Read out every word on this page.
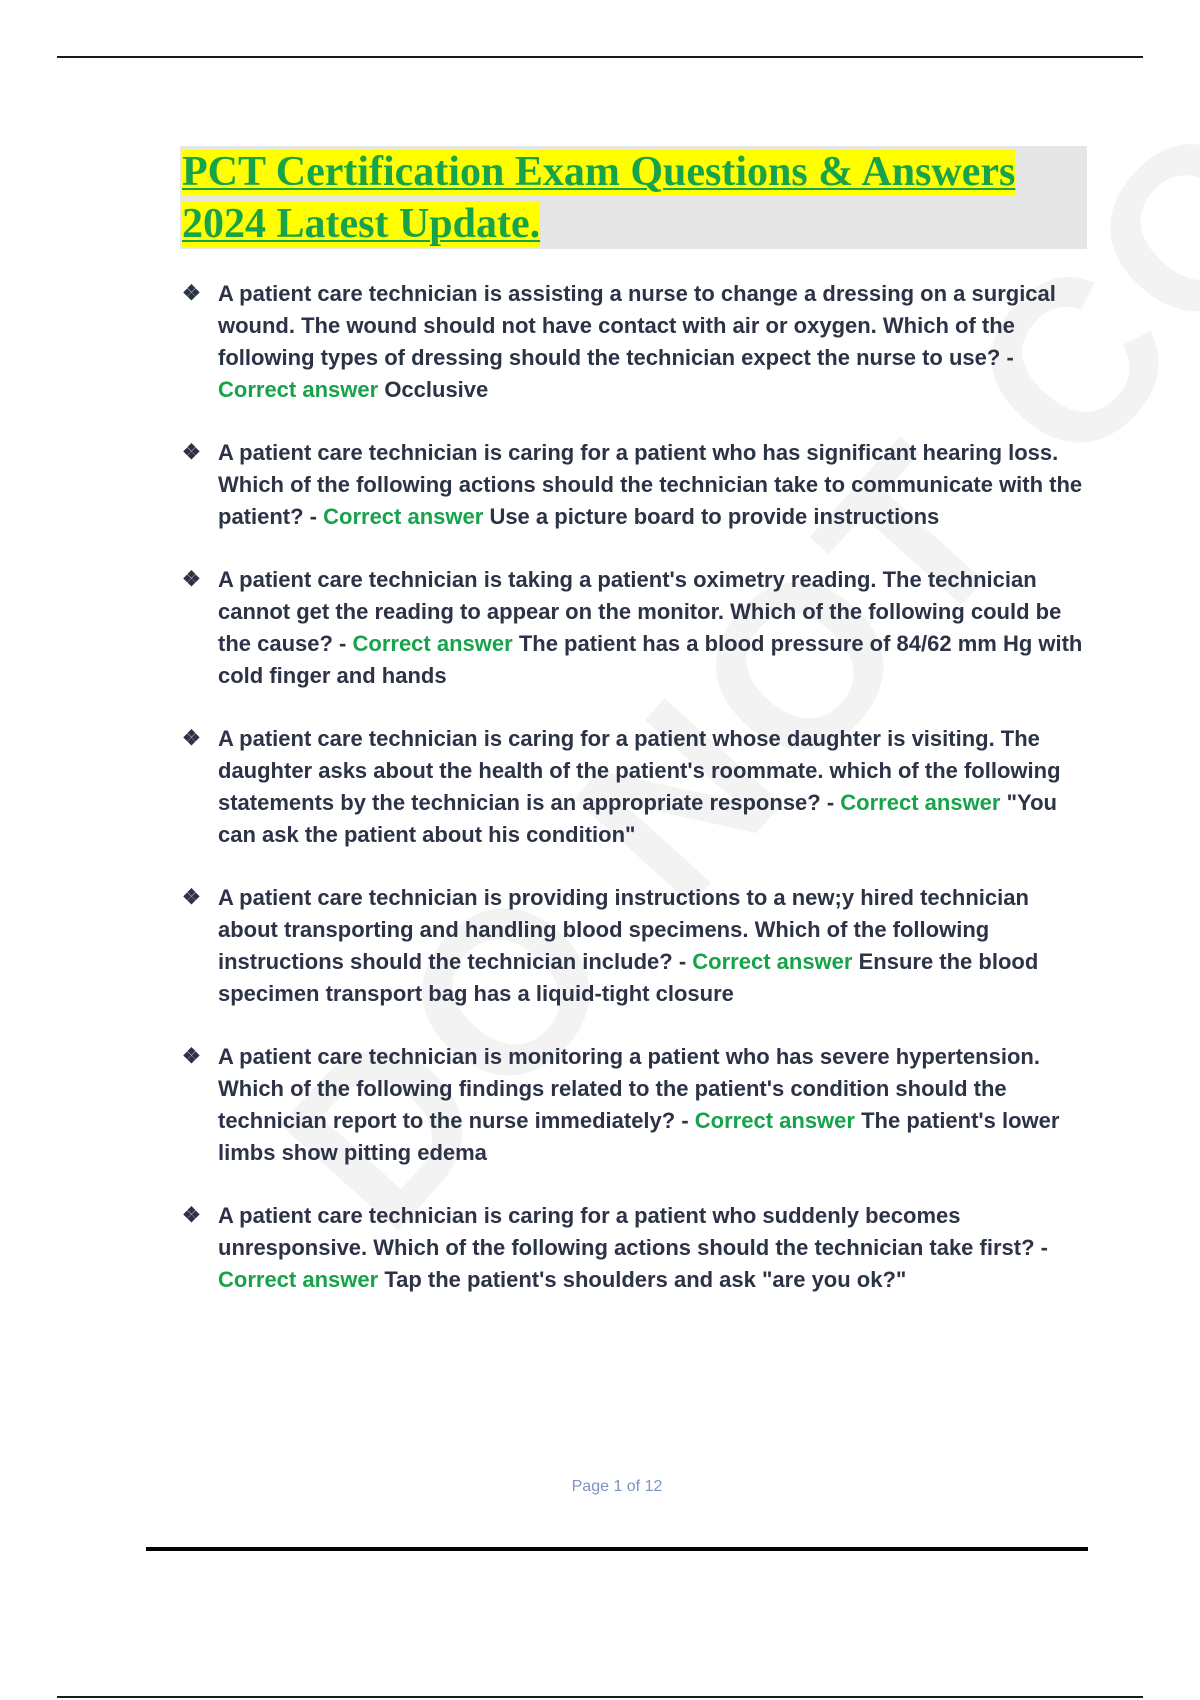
PCT Certification Exam Questions & Answers
2024 Latest Update.
❖ A patient care technician is assisting a nurse to change a dressing on a surgical wound. The wound should not have contact with air or oxygen. Which of the following types of dressing should the technician expect the nurse to use? - Correct answer Occlusive
❖ A patient care technician is caring for a patient who has significant hearing loss. Which of the following actions should the technician take to communicate with the patient? - Correct answer Use a picture board to provide instructions
❖ A patient care technician is taking a patient's oximetry reading. The technician cannot get the reading to appear on the monitor. Which of the following could be the cause? - Correct answer The patient has a blood pressure of 84/62 mm Hg with cold finger and hands
❖ A patient care technician is caring for a patient whose daughter is visiting. The daughter asks about the health of the patient's roommate. which of the following statements by the technician is an appropriate response? - Correct answer "You can ask the patient about his condition"
❖ A patient care technician is providing instructions to a new;y hired technician about transporting and handling blood specimens. Which of the following instructions should the technician include? - Correct answer Ensure the blood specimen transport bag has a liquid-tight closure
❖ A patient care technician is monitoring a patient who has severe hypertension. Which of the following findings related to the patient's condition should the technician report to the nurse immediately? - Correct answer The patient's lower limbs show pitting edema
❖ A patient care technician is caring for a patient who suddenly becomes unresponsive. Which of the following actions should the technician take first? - Correct answer Tap the patient's shoulders and ask "are you ok?"
Page 1 of 12
